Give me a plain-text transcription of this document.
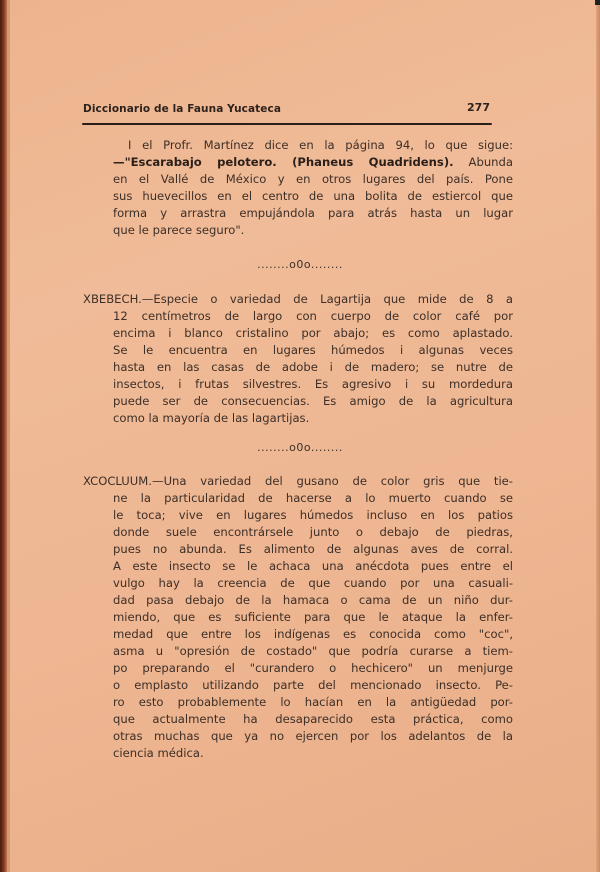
Diccionario de la Fauna Yucateca	277
I el Profr. Martínez dice en la página 94, lo que sigue:
—"Escarabajo pelotero. (Phaneus Quadridens). Abunda
en el Vallé de México y en otros lugares del país. Pone
sus huevecillos en el centro de una bolita de estiercol que
forma y arrastra empujándola para atrás hasta un lugar
que le parece seguro".
........o0o........
XBEBECH.—Especie o variedad de Lagartija que mide de 8 a
12 centímetros de largo con cuerpo de color café por
encima i blanco cristalino por abajo; es como aplastado.
Se le encuentra en lugares húmedos i algunas veces
hasta en las casas de adobe i de madero; se nutre de
insectos, i frutas silvestres. Es agresivo i su mordedura
puede ser de consecuencias. Es amigo de la agricultura
como la mayoría de las lagartijas.
........o0o........
XCOCLUUM.—Una variedad del gusano de color gris que tie-
ne la particularidad de hacerse a lo muerto cuando se
le toca; vive en lugares húmedos incluso en los patios
donde suele encontrársele junto o debajo de piedras,
pues no abunda. Es alimento de algunas aves de corral.
A este insecto se le achaca una anécdota pues entre el
vulgo hay la creencia de que cuando por una casuali-
dad pasa debajo de la hamaca o cama de un niño dur-
miendo, que es suficiente para que le ataque la enfer-
medad que entre los indígenas es conocida como "coc",
asma u "opresión de costado" que podría curarse a tiem-
po preparando el "curandero o hechicero" un menjurge
o emplasto utilizando parte del mencionado insecto. Pe-
ro esto probablemente lo hacían en la antigüedad por-
que actualmente ha desaparecido esta práctica, como
otras muchas que ya no ejercen por los adelantos de la
ciencia médica.
